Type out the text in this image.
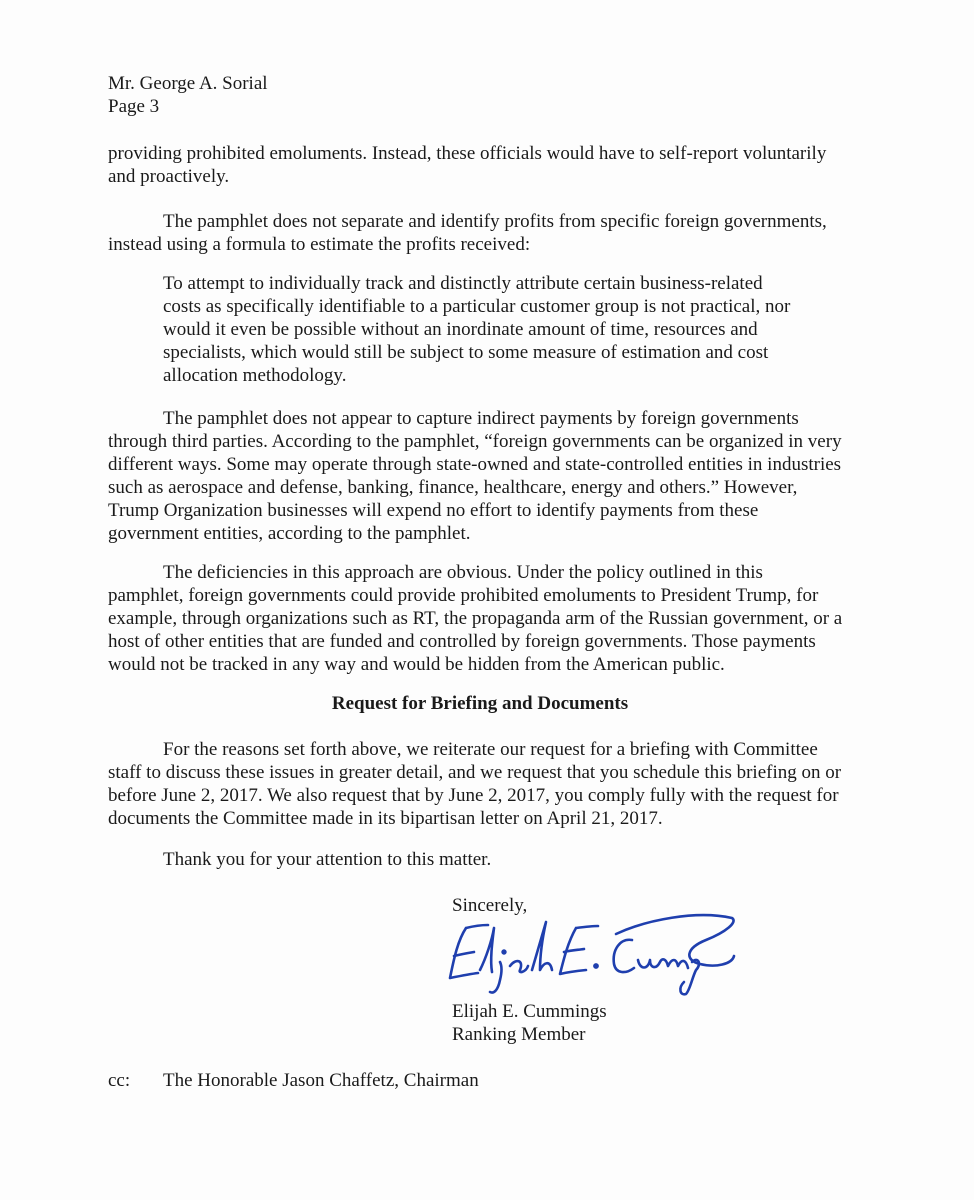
Mr. George A. Sorial
Page 3
providing prohibited emoluments. Instead, these officials would have to self-report voluntarily
and proactively.
The pamphlet does not separate and identify profits from specific foreign governments,
instead using a formula to estimate the profits received:
To attempt to individually track and distinctly attribute certain business-related
costs as specifically identifiable to a particular customer group is not practical, nor
would it even be possible without an inordinate amount of time, resources and
specialists, which would still be subject to some measure of estimation and cost
allocation methodology.
The pamphlet does not appear to capture indirect payments by foreign governments
through third parties. According to the pamphlet, “foreign governments can be organized in very
different ways. Some may operate through state-owned and state-controlled entities in industries
such as aerospace and defense, banking, finance, healthcare, energy and others.” However,
Trump Organization businesses will expend no effort to identify payments from these
government entities, according to the pamphlet.
The deficiencies in this approach are obvious. Under the policy outlined in this
pamphlet, foreign governments could provide prohibited emoluments to President Trump, for
example, through organizations such as RT, the propaganda arm of the Russian government, or a
host of other entities that are funded and controlled by foreign governments. Those payments
would not be tracked in any way and would be hidden from the American public.
Request for Briefing and Documents
For the reasons set forth above, we reiterate our request for a briefing with Committee
staff to discuss these issues in greater detail, and we request that you schedule this briefing on or
before June 2, 2017. We also request that by June 2, 2017, you comply fully with the request for
documents the Committee made in its bipartisan letter on April 21, 2017.
Thank you for your attention to this matter.
Sincerely,
Elijah E. Cummings
Ranking Member
cc: The Honorable Jason Chaffetz, Chairman
